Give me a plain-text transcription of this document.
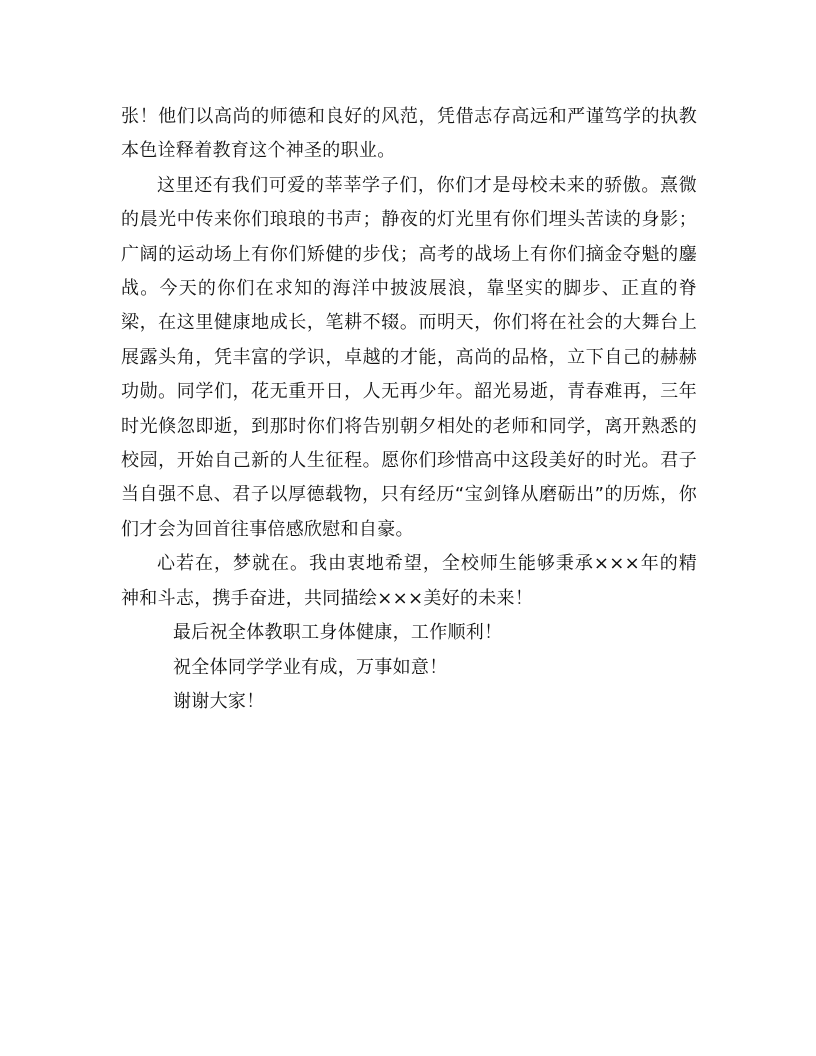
张！他们以高尚的师德和良好的风范，凭借志存高远和严谨笃学的执教本色诠释着教育这个神圣的职业。

这里还有我们可爱的莘莘学子们，你们才是母校未来的骄傲。熹微的晨光中传来你们琅琅的书声；静夜的灯光里有你们埋头苦读的身影；广阔的运动场上有你们矫健的步伐；高考的战场上有你们摘金夺魁的鏖战。今天的你们在求知的海洋中披波展浪，靠坚实的脚步、正直的脊梁，在这里健康地成长，笔耕不辍。而明天，你们将在社会的大舞台上展露头角，凭丰富的学识，卓越的才能，高尚的品格，立下自己的赫赫功勋。同学们，花无重开日，人无再少年。韶光易逝，青春难再，三年时光倏忽即逝，到那时你们将告别朝夕相处的老师和同学，离开熟悉的校园，开始自己新的人生征程。愿你们珍惜高中这段美好的时光。君子当自强不息、君子以厚德载物，只有经历“宝剑锋从磨砺出”的历炼，你们才会为回首往事倍感欣慰和自豪。

心若在，梦就在。我由衷地希望，全校师生能够秉承×××年的精神和斗志，携手奋进，共同描绘×××美好的未来！

最后祝全体教职工身体健康，工作顺利！

祝全体同学学业有成，万事如意！

谢谢大家！
